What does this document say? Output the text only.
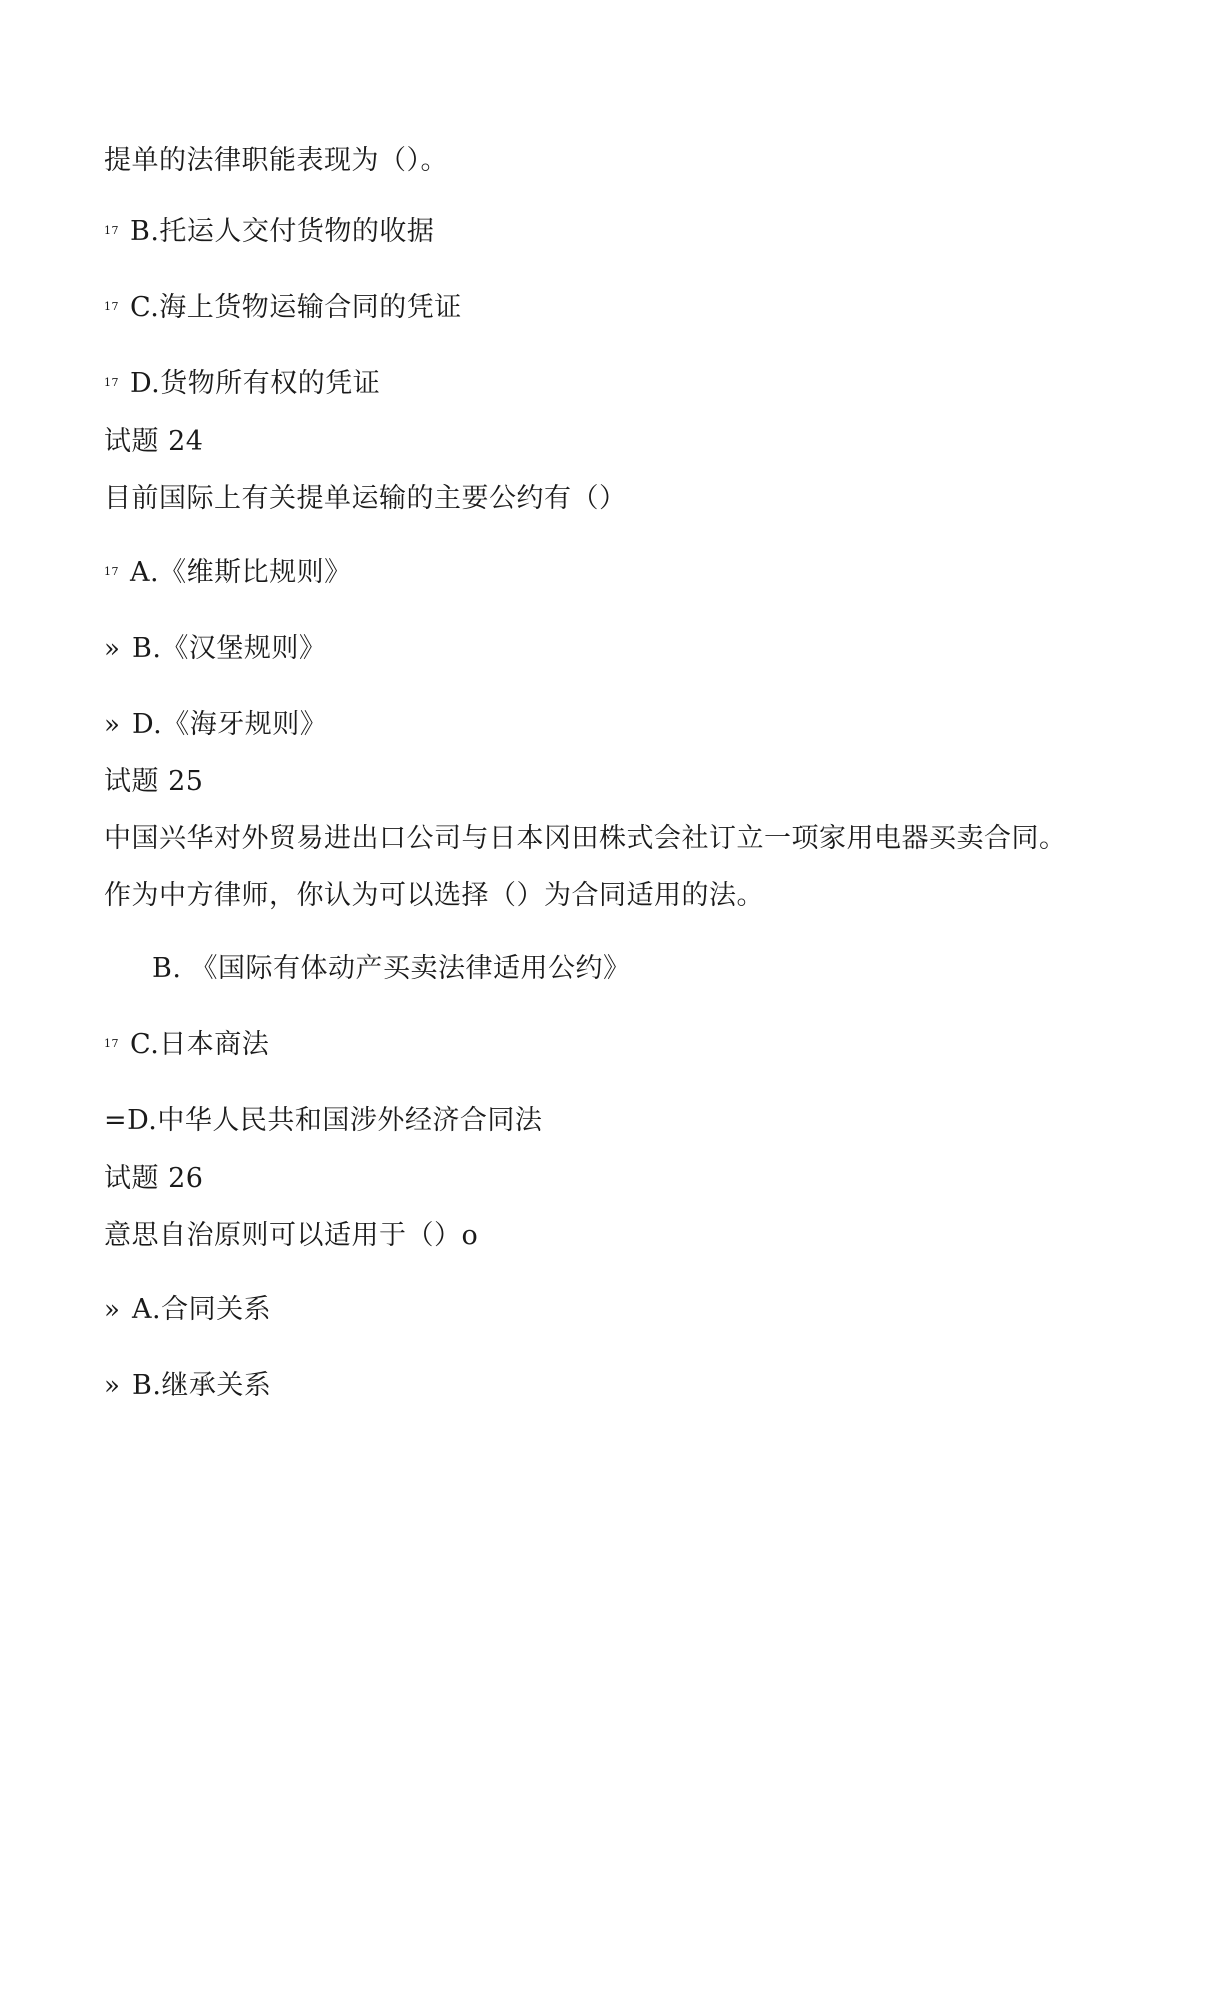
提单的法律职能表现为（）。
17 B.托运人交付货物的收据
17 C.海上货物运输合同的凭证
17 D.货物所有权的凭证
试题 24
目前国际上有关提单运输的主要公约有（）
17 A.《维斯比规则》
» B.《汉堡规则》
» D.《海牙规则》
试题 25
中国兴华对外贸易进出口公司与日本冈田株式会社订立一项家用电器买卖合同。
作为中方律师，你认为可以选择（）为合同适用的法。
B. 《国际有体动产买卖法律适用公约》
17 C.日本商法
=D.中华人民共和国涉外经济合同法
试题 26
意思自治原则可以适用于（）o
» A.合同关系
» B.继承关系
